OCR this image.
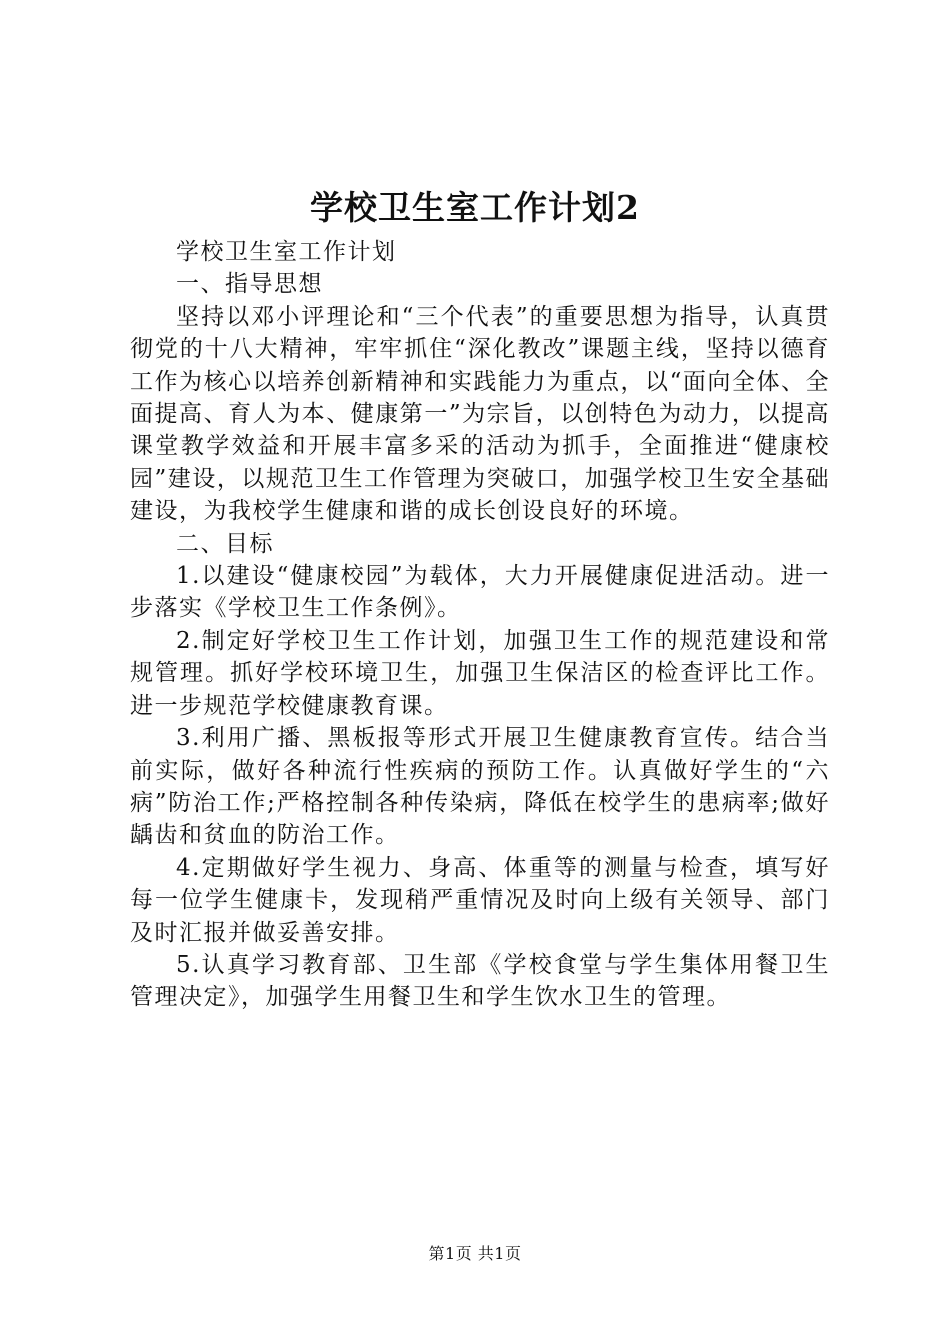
学校卫生室工作计划2

学校卫生室工作计划

一、指导思想

坚持以邓小评理论和“三个代表”的重要思想为指导，认真贯彻党的十八大精神，牢牢抓住“深化教改”课题主线，坚持以德育工作为核心以培养创新精神和实践能力为重点，以“面向全体、全面提高、育人为本、健康第一”为宗旨，以创特色为动力，以提高课堂教学效益和开展丰富多采的活动为抓手，全面推进“健康校园”建设，以规范卫生工作管理为突破口，加强学校卫生安全基础建设，为我校学生健康和谐的成长创设良好的环境。

二、目标

1.以建设“健康校园”为载体，大力开展健康促进活动。进一步落实《学校卫生工作条例》。

2.制定好学校卫生工作计划，加强卫生工作的规范建设和常规管理。抓好学校环境卫生，加强卫生保洁区的检查评比工作。进一步规范学校健康教育课。

3.利用广播、黑板报等形式开展卫生健康教育宣传。结合当前实际，做好各种流行性疾病的预防工作。认真做好学生的“六病”防治工作;严格控制各种传染病，降低在校学生的患病率;做好龋齿和贫血的防治工作。

4.定期做好学生视力、身高、体重等的测量与检查，填写好每一位学生健康卡，发现稍严重情况及时向上级有关领导、部门及时汇报并做妥善安排。

5.认真学习教育部、卫生部《学校食堂与学生集体用餐卫生管理决定》，加强学生用餐卫生和学生饮水卫生的管理。

第1页 共1页
